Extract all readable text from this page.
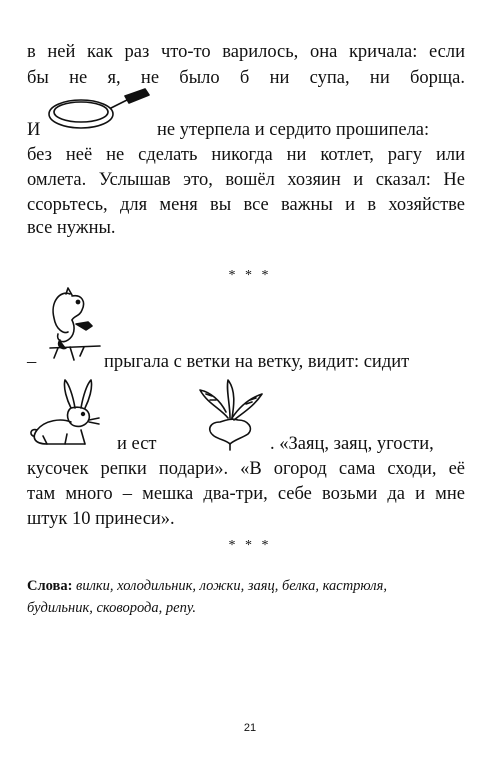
в ней как раз что-то варилось, она кричала: если
бы не я, не было б ни супа, ни борща.
И	не утерпела и сердито прошипела:
без неё не сделать никогда ни котлет, рагу или
омлета. Услышав это, вошёл хозяин и сказал: Не
ссорьтесь, для меня вы все важны и в хозяйстве
все нужны.
* * *
–	прыгала с ветки на ветку, видит: сидит
и ест	. «Заяц, заяц, угости,
кусочек репки подари». «В огород сама сходи, её
там много – мешка два-три, себе возьми да и мне
штук 10 принеси».
* * *
Слова: вилки, холодильник, ложки, заяц, белка, кастрюля,
будильник, сковорода, репу.
21
